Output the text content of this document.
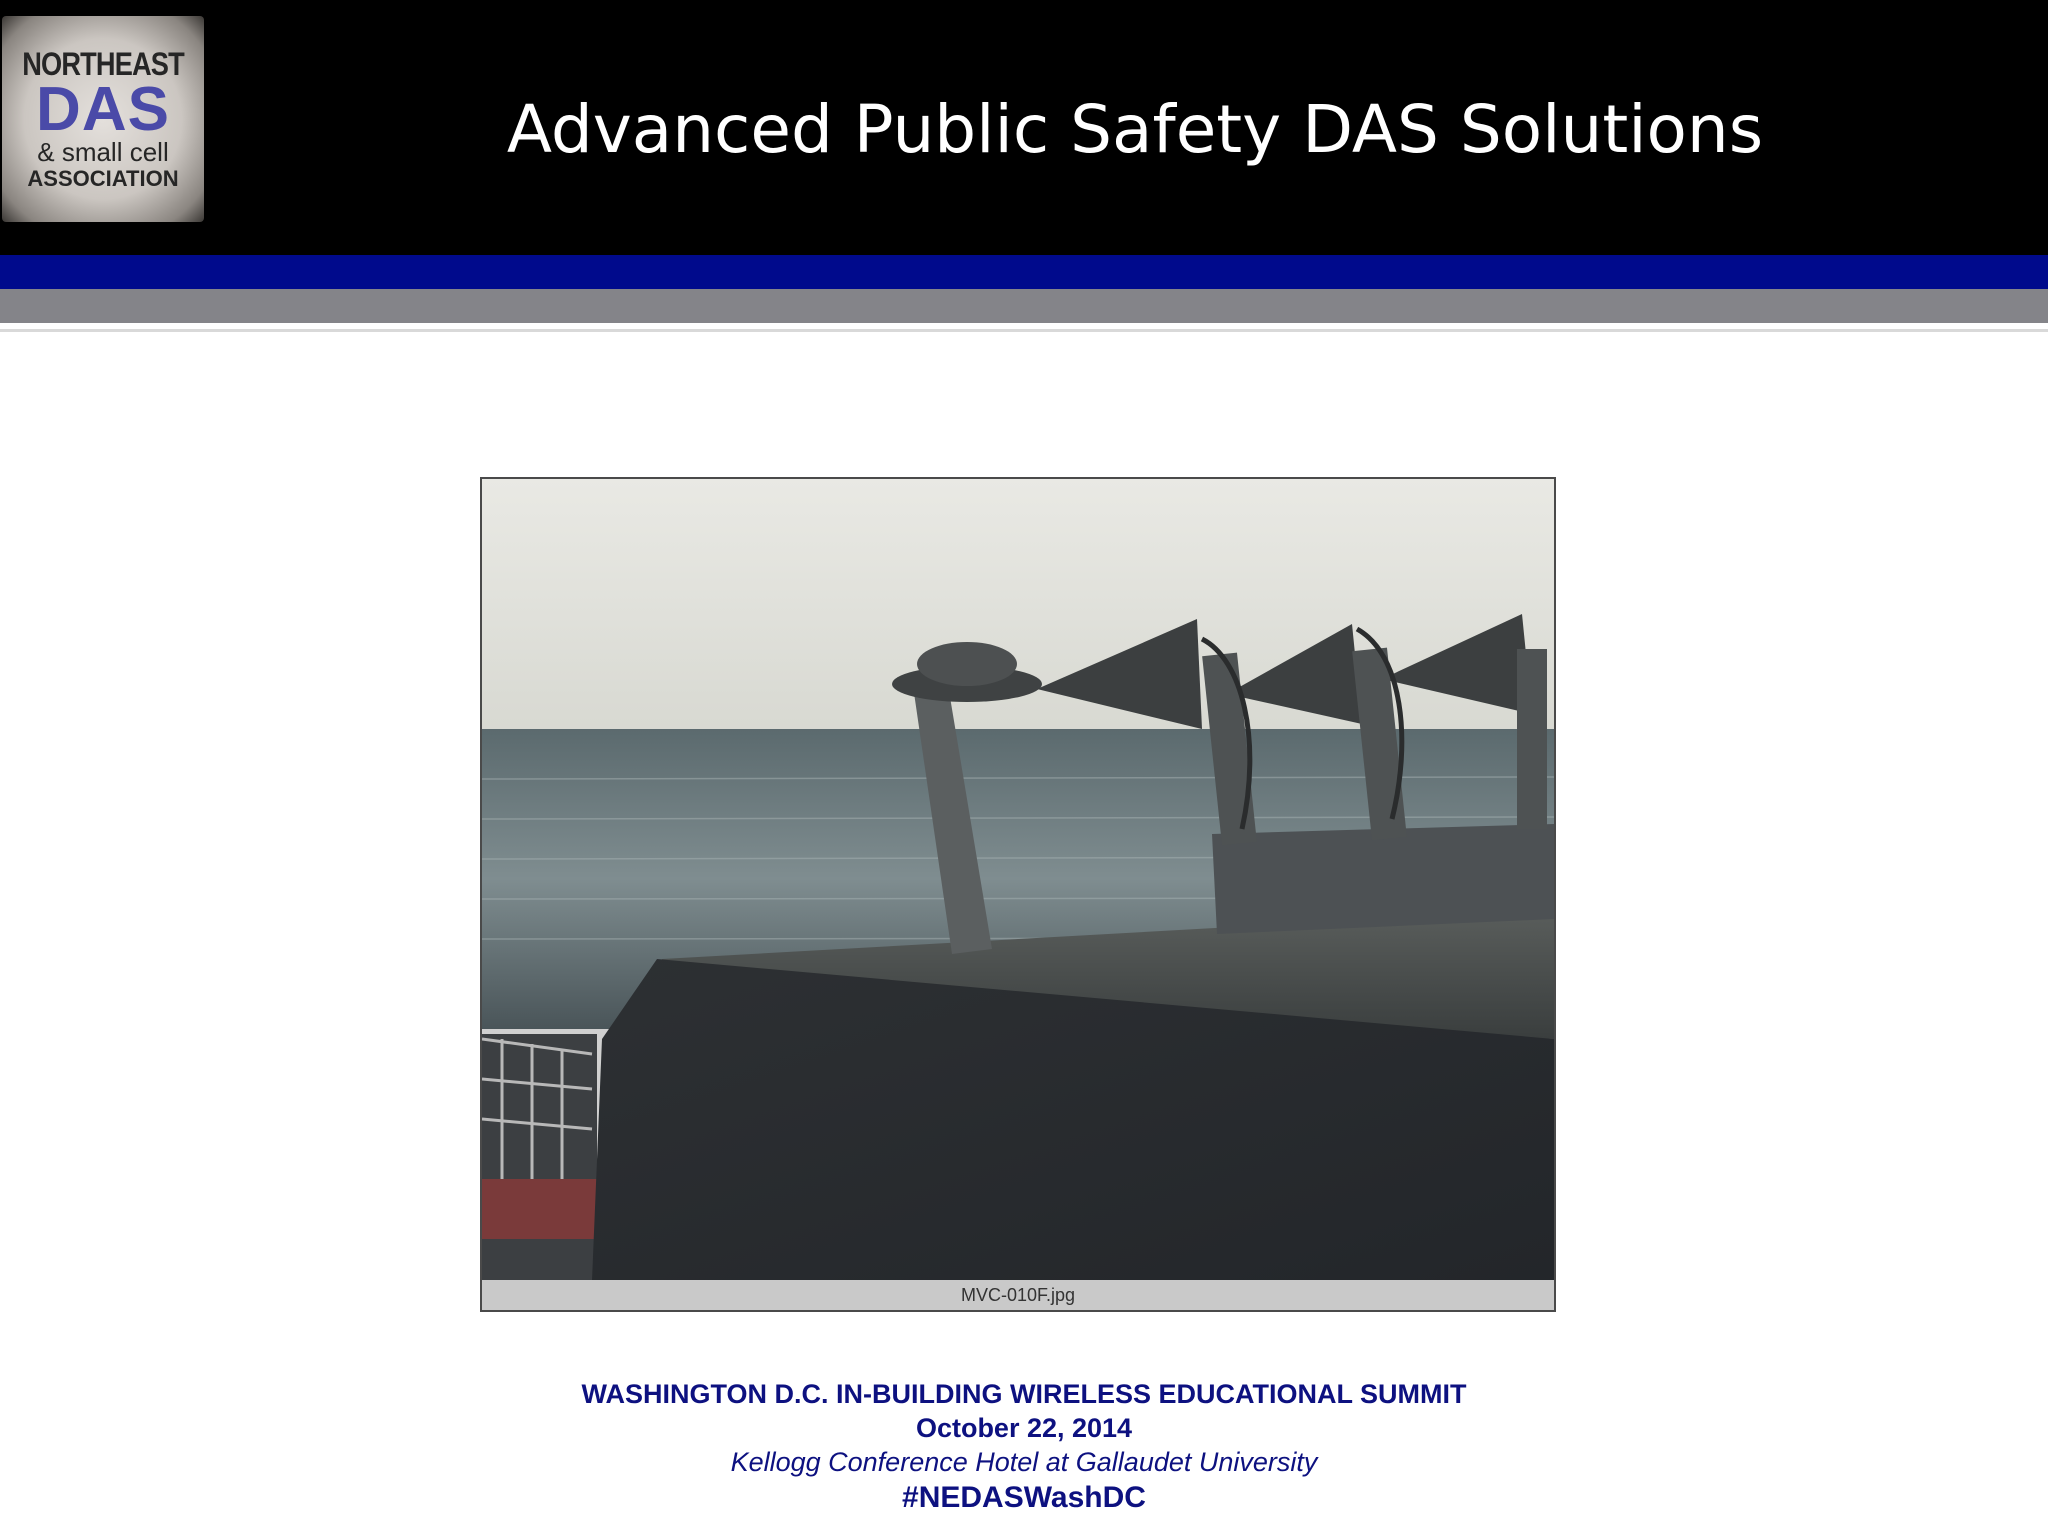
NORTHEAST
DAS
& small cell
ASSOCIATION
Advanced Public Safety DAS Solutions
MVC-010F.jpg
WASHINGTON D.C. IN-BUILDING WIRELESS EDUCATIONAL SUMMIT
October 22, 2014
Kellogg Conference Hotel at Gallaudet University
#NEDASWashDC
